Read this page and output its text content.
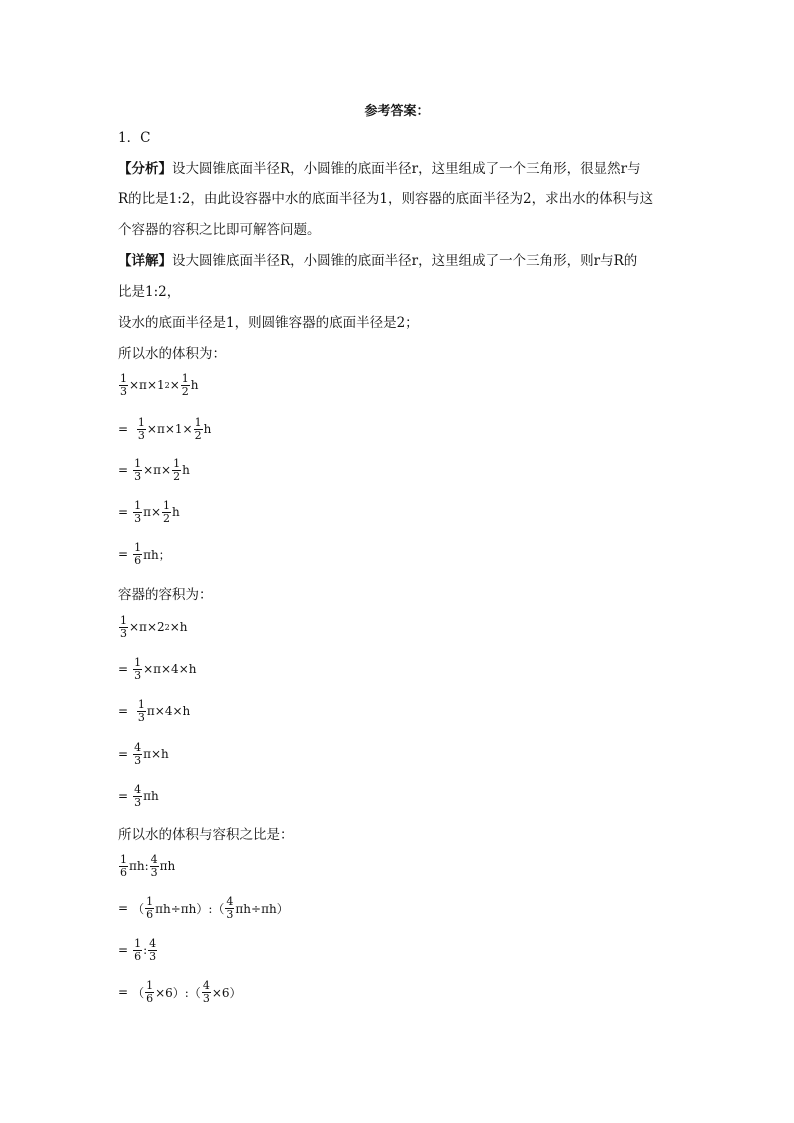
参考答案：
1．C
【分析】设大圆锥底面半径R，小圆锥的底面半径r，这里组成了一个三角形，很显然r与
R的比是1:2，由此设容器中水的底面半径为1，则容器的底面半径为2，求出水的体积与这
个容器的容积之比即可解答问题。
【详解】设大圆锥底面半径R，小圆锥的底面半径r，这里组成了一个三角形，则r与R的
比是1:2，
设水的底面半径是1，则圆锥容器的底面半径是2；
所以水的体积为：
$\frac{1}{3} \times\pi\times 1$ $2 \times \frac{1}{2}$ h
=
$\frac{1}{3} \times\pi\times 1\times \frac{1}{2}$ h
= $\frac{1}{3} \times\pi\times \frac{1}{2}$ h
= $\frac{1}{3} \pi\times \frac{1}{2}$ h
= $\frac{1}{6}$ πh；
容器的容积为：
$\frac{1}{3} \times\pi\times 2$ 2 ×h
= $\frac{1}{3} \times\pi\times 4\times h$
=
$\frac{1}{3} \pi\times 4\times h$
= $\frac{4}{3} \pi\times h$
= $\frac{4}{3}$ πh
所以水的体积与容积之比是：
$\frac{1}{6} \pi h$: $\frac{4}{3}$ πh
= （ $\frac{1}{6}$ πh÷πh）:（ $\frac{4}{3} \pi h\div\pi h$）
= $\frac{1}{6}$ : $\frac{4}{3}$
= （ $\frac{1}{6}$ ×6）:（ $\frac{4}{3} \times 6$）
